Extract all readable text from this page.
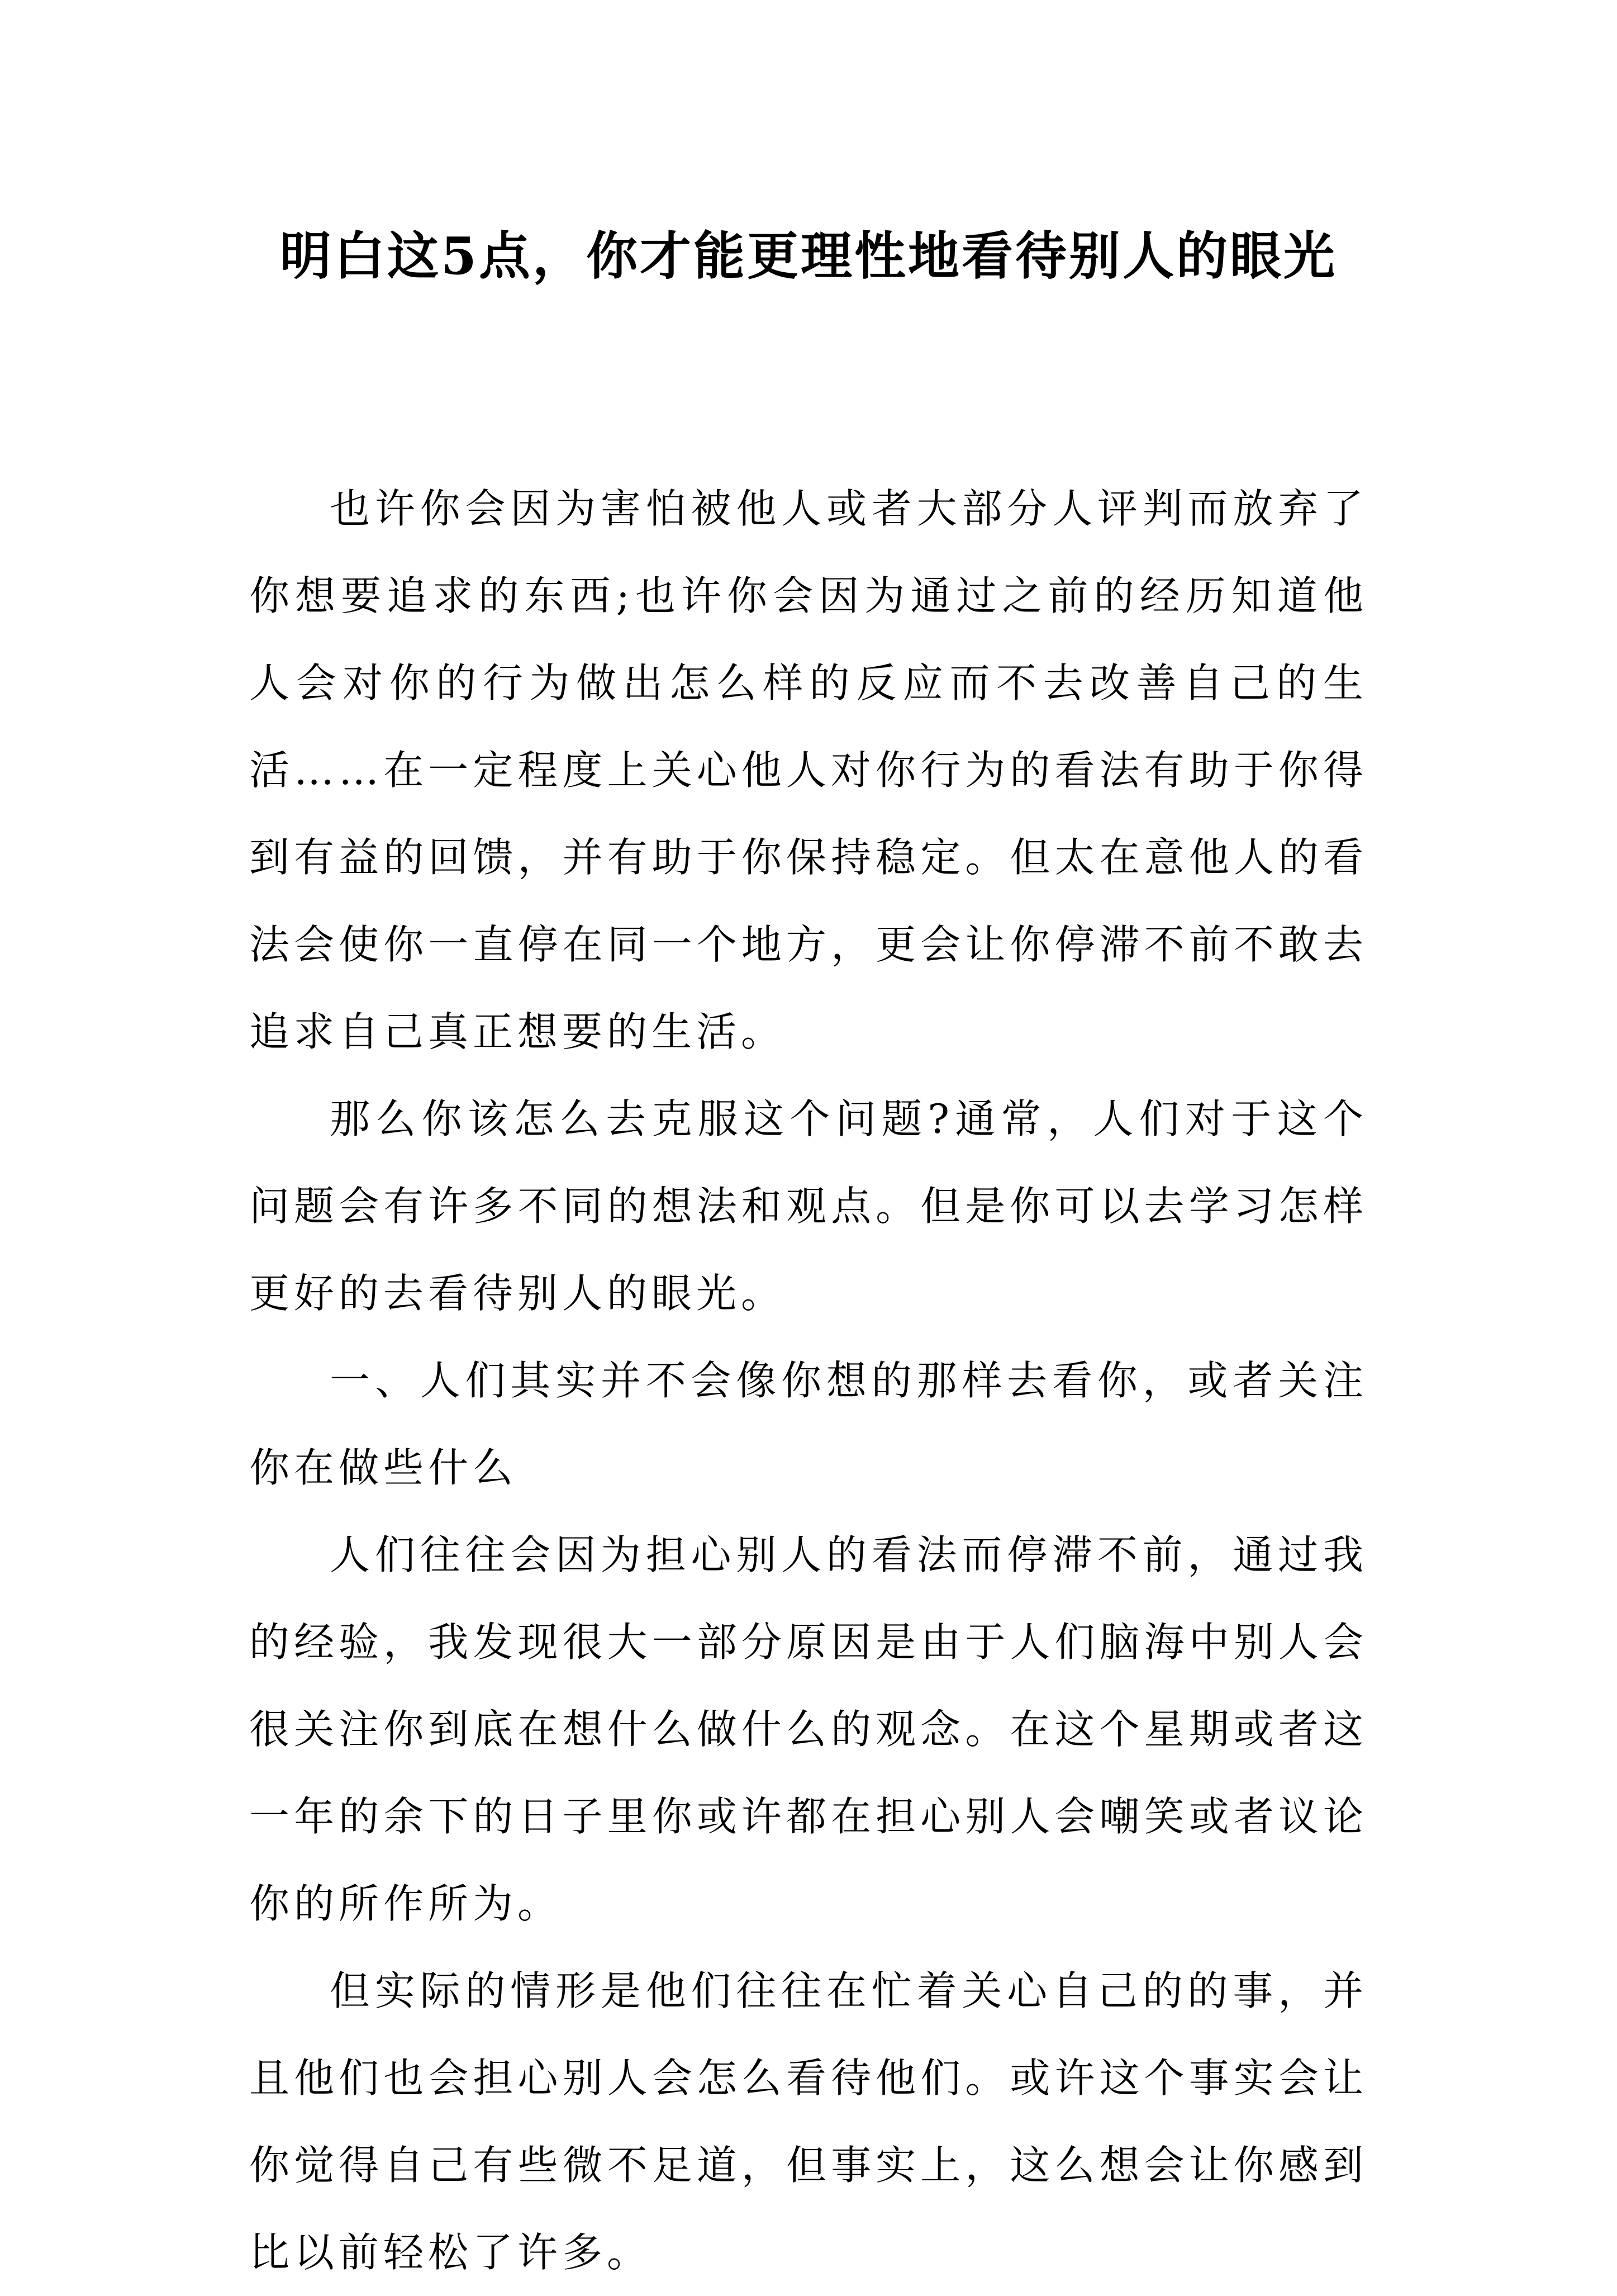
明白这5点，你才能更理性地看待别人的眼光

也许你会因为害怕被他人或者大部分人评判而放弃了你想要追求的东西;也许你会因为通过之前的经历知道他人会对你的行为做出怎么样的反应而不去改善自己的生活……在一定程度上关心他人对你行为的看法有助于你得到有益的回馈，并有助于你保持稳定。但太在意他人的看法会使你一直停在同一个地方，更会让你停滞不前不敢去追求自己真正想要的生活。

那么你该怎么去克服这个问题?通常，人们对于这个问题会有许多不同的想法和观点。但是你可以去学习怎样更好的去看待别人的眼光。

一、人们其实并不会像你想的那样去看你，或者关注你在做些什么

人们往往会因为担心别人的看法而停滞不前，通过我的经验，我发现很大一部分原因是由于人们脑海中别人会很关注你到底在想什么做什么的观念。在这个星期或者这一年的余下的日子里你或许都在担心别人会嘲笑或者议论你的所作所为。

但实际的情形是他们往往在忙着关心自己的的事，并且他们也会担心别人会怎么看待他们。或许这个事实会让你觉得自己有些微不足道，但事实上，这么想会让你感到比以前轻松了许多。
